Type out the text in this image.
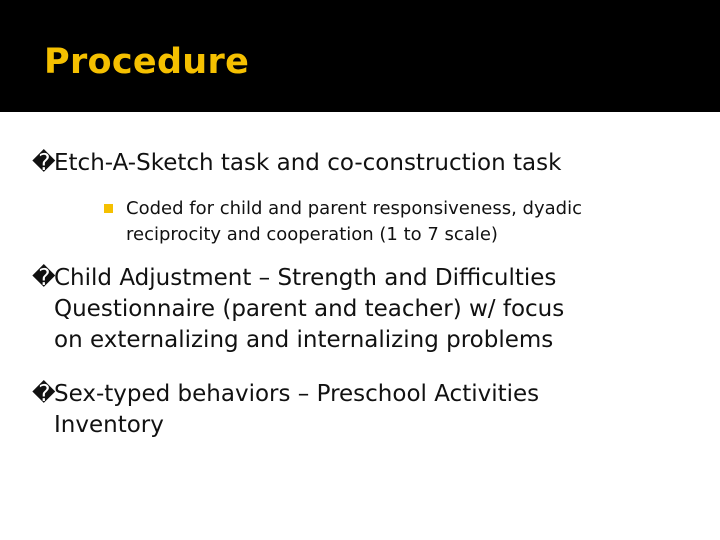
Procedure
�
Etch-A-Sketch task and co-construction task
Coded for child and parent responsiveness, dyadic
reciprocity and cooperation (1 to 7 scale)
�
Child Adjustment – Strength and Difficulties
Questionnaire (parent and teacher) w/ focus
on externalizing and internalizing problems
�
Sex-typed behaviors – Preschool Activities
Inventory
